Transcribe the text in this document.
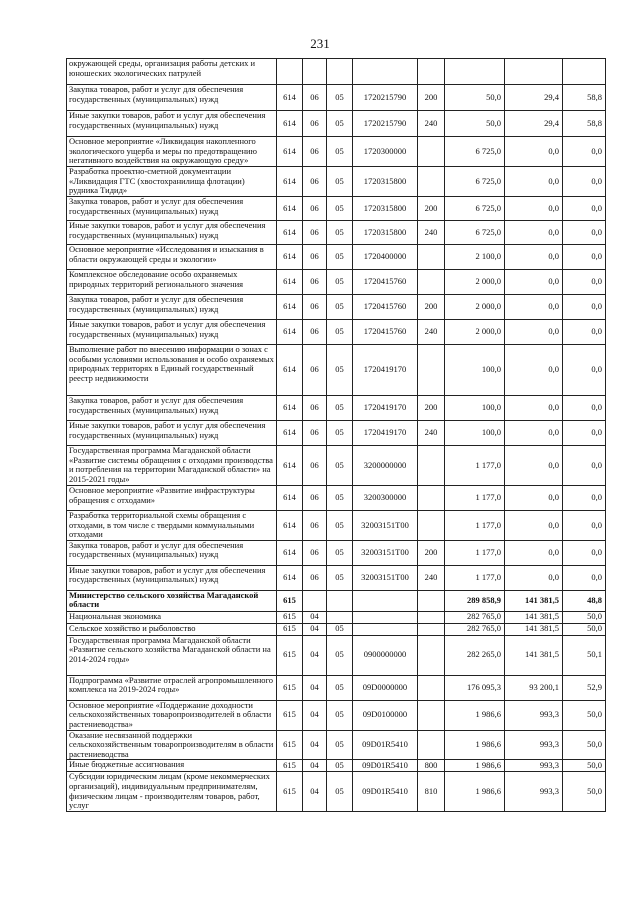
231
окружающей среды, организация работы детских и юношеских экологических патрулей								
Закупка товаров, работ и услуг для обеспечения государственных (муниципальных) нужд	614	06	05	1720215790	200	50,0	29,4	58,8
Иные закупки товаров, работ и услуг для обеспечения государственных (муниципальных) нужд	614	06	05	1720215790	240	50,0	29,4	58,8
Основное мероприятие «Ликвидация накопленного экологического ущерба и меры по предотвращению негативного воздействия на окружающую среду»	614	06	05	1720300000		6 725,0	0,0	0,0
Разработка проектно-сметной документации «Ликвидация ГТС (хвостохранилища флотации) рудника Тидид»	614	06	05	1720315800		6 725,0	0,0	0,0
Закупка товаров, работ и услуг для обеспечения государственных (муниципальных) нужд	614	06	05	1720315800	200	6 725,0	0,0	0,0
Иные закупки товаров, работ и услуг для обеспечения государственных (муниципальных) нужд	614	06	05	1720315800	240	6 725,0	0,0	0,0
Основное мероприятие «Исследования и изыскания в области окружающей среды и экологии»	614	06	05	1720400000		2 100,0	0,0	0,0
Комплексное обследование особо охраняемых природных территорий регионального значения	614	06	05	1720415760		2 000,0	0,0	0,0
Закупка товаров, работ и услуг для обеспечения государственных (муниципальных) нужд	614	06	05	1720415760	200	2 000,0	0,0	0,0
Иные закупки товаров, работ и услуг для обеспечения государственных (муниципальных) нужд	614	06	05	1720415760	240	2 000,0	0,0	0,0
Выполнение работ по внесению информации о зонах с особыми условиями использования и особо охраняемых природных территорях в Единый государственный реестр недвижимости	614	06	05	1720419170		100,0	0,0	0,0
Закупка товаров, работ и услуг для обеспечения государственных (муниципальных) нужд	614	06	05	1720419170	200	100,0	0,0	0,0
Иные закупки товаров, работ и услуг для обеспечения государственных (муниципальных) нужд	614	06	05	1720419170	240	100,0	0,0	0,0
Государственная программа Магаданской области «Развитие системы обращения с отходами производства и потребления на территории Магаданской области» на 2015-2021 годы»	614	06	05	3200000000		1 177,0	0,0	0,0
Основное мероприятие «Развитие инфраструктуры обращения с отходами»	614	06	05	3200300000		1 177,0	0,0	0,0
Разработка территориальной схемы обращения с отходами, в том числе с твердыми коммунальными отходами	614	06	05	32003151Т00		1 177,0	0,0	0,0
Закупка товаров, работ и услуг для обеспечения государственных (муниципальных) нужд	614	06	05	32003151Т00	200	1 177,0	0,0	0,0
Иные закупки товаров, работ и услуг для обеспечения государственных (муниципальных) нужд	614	06	05	32003151Т00	240	1 177,0	0,0	0,0
Министерство сельского хозяйства Магаданской области	615					289 858,9	141 381,5	48,8
Национальная экономика	615	04				282 765,0	141 381,5	50,0
Сельское хозяйство и рыболовство	615	04	05			282 765,0	141 381,5	50,0
Государственная программа Магаданской области «Развитие сельского хозяйства Магаданской области на 2014-2024 годы»	615	04	05	0900000000		282 265,0	141 381,5	50,1
Подпрограмма «Развитие отраслей агропромышленного комплекса на 2019-2024 годы»	615	04	05	09D0000000		176 095,3	93 200,1	52,9
Основное мероприятие «Поддержание доходности сельскохозяйственных товаропроизводителей в области растениеводства»	615	04	05	09D0100000		1 986,6	993,3	50,0
Оказание несвязанной поддержки сельскохозяйственным товаропроизводителям в области растениеводства	615	04	05	09D01R5410		1 986,6	993,3	50,0
Иные бюджетные ассигнования	615	04	05	09D01R5410	800	1 986,6	993,3	50,0
Субсидии юридическим лицам (кроме некоммерческих организаций), индивидуальным предпринимателям, физическим лицам - производителям товаров, работ, услуг	615	04	05	09D01R5410	810	1 986,6	993,3	50,0
